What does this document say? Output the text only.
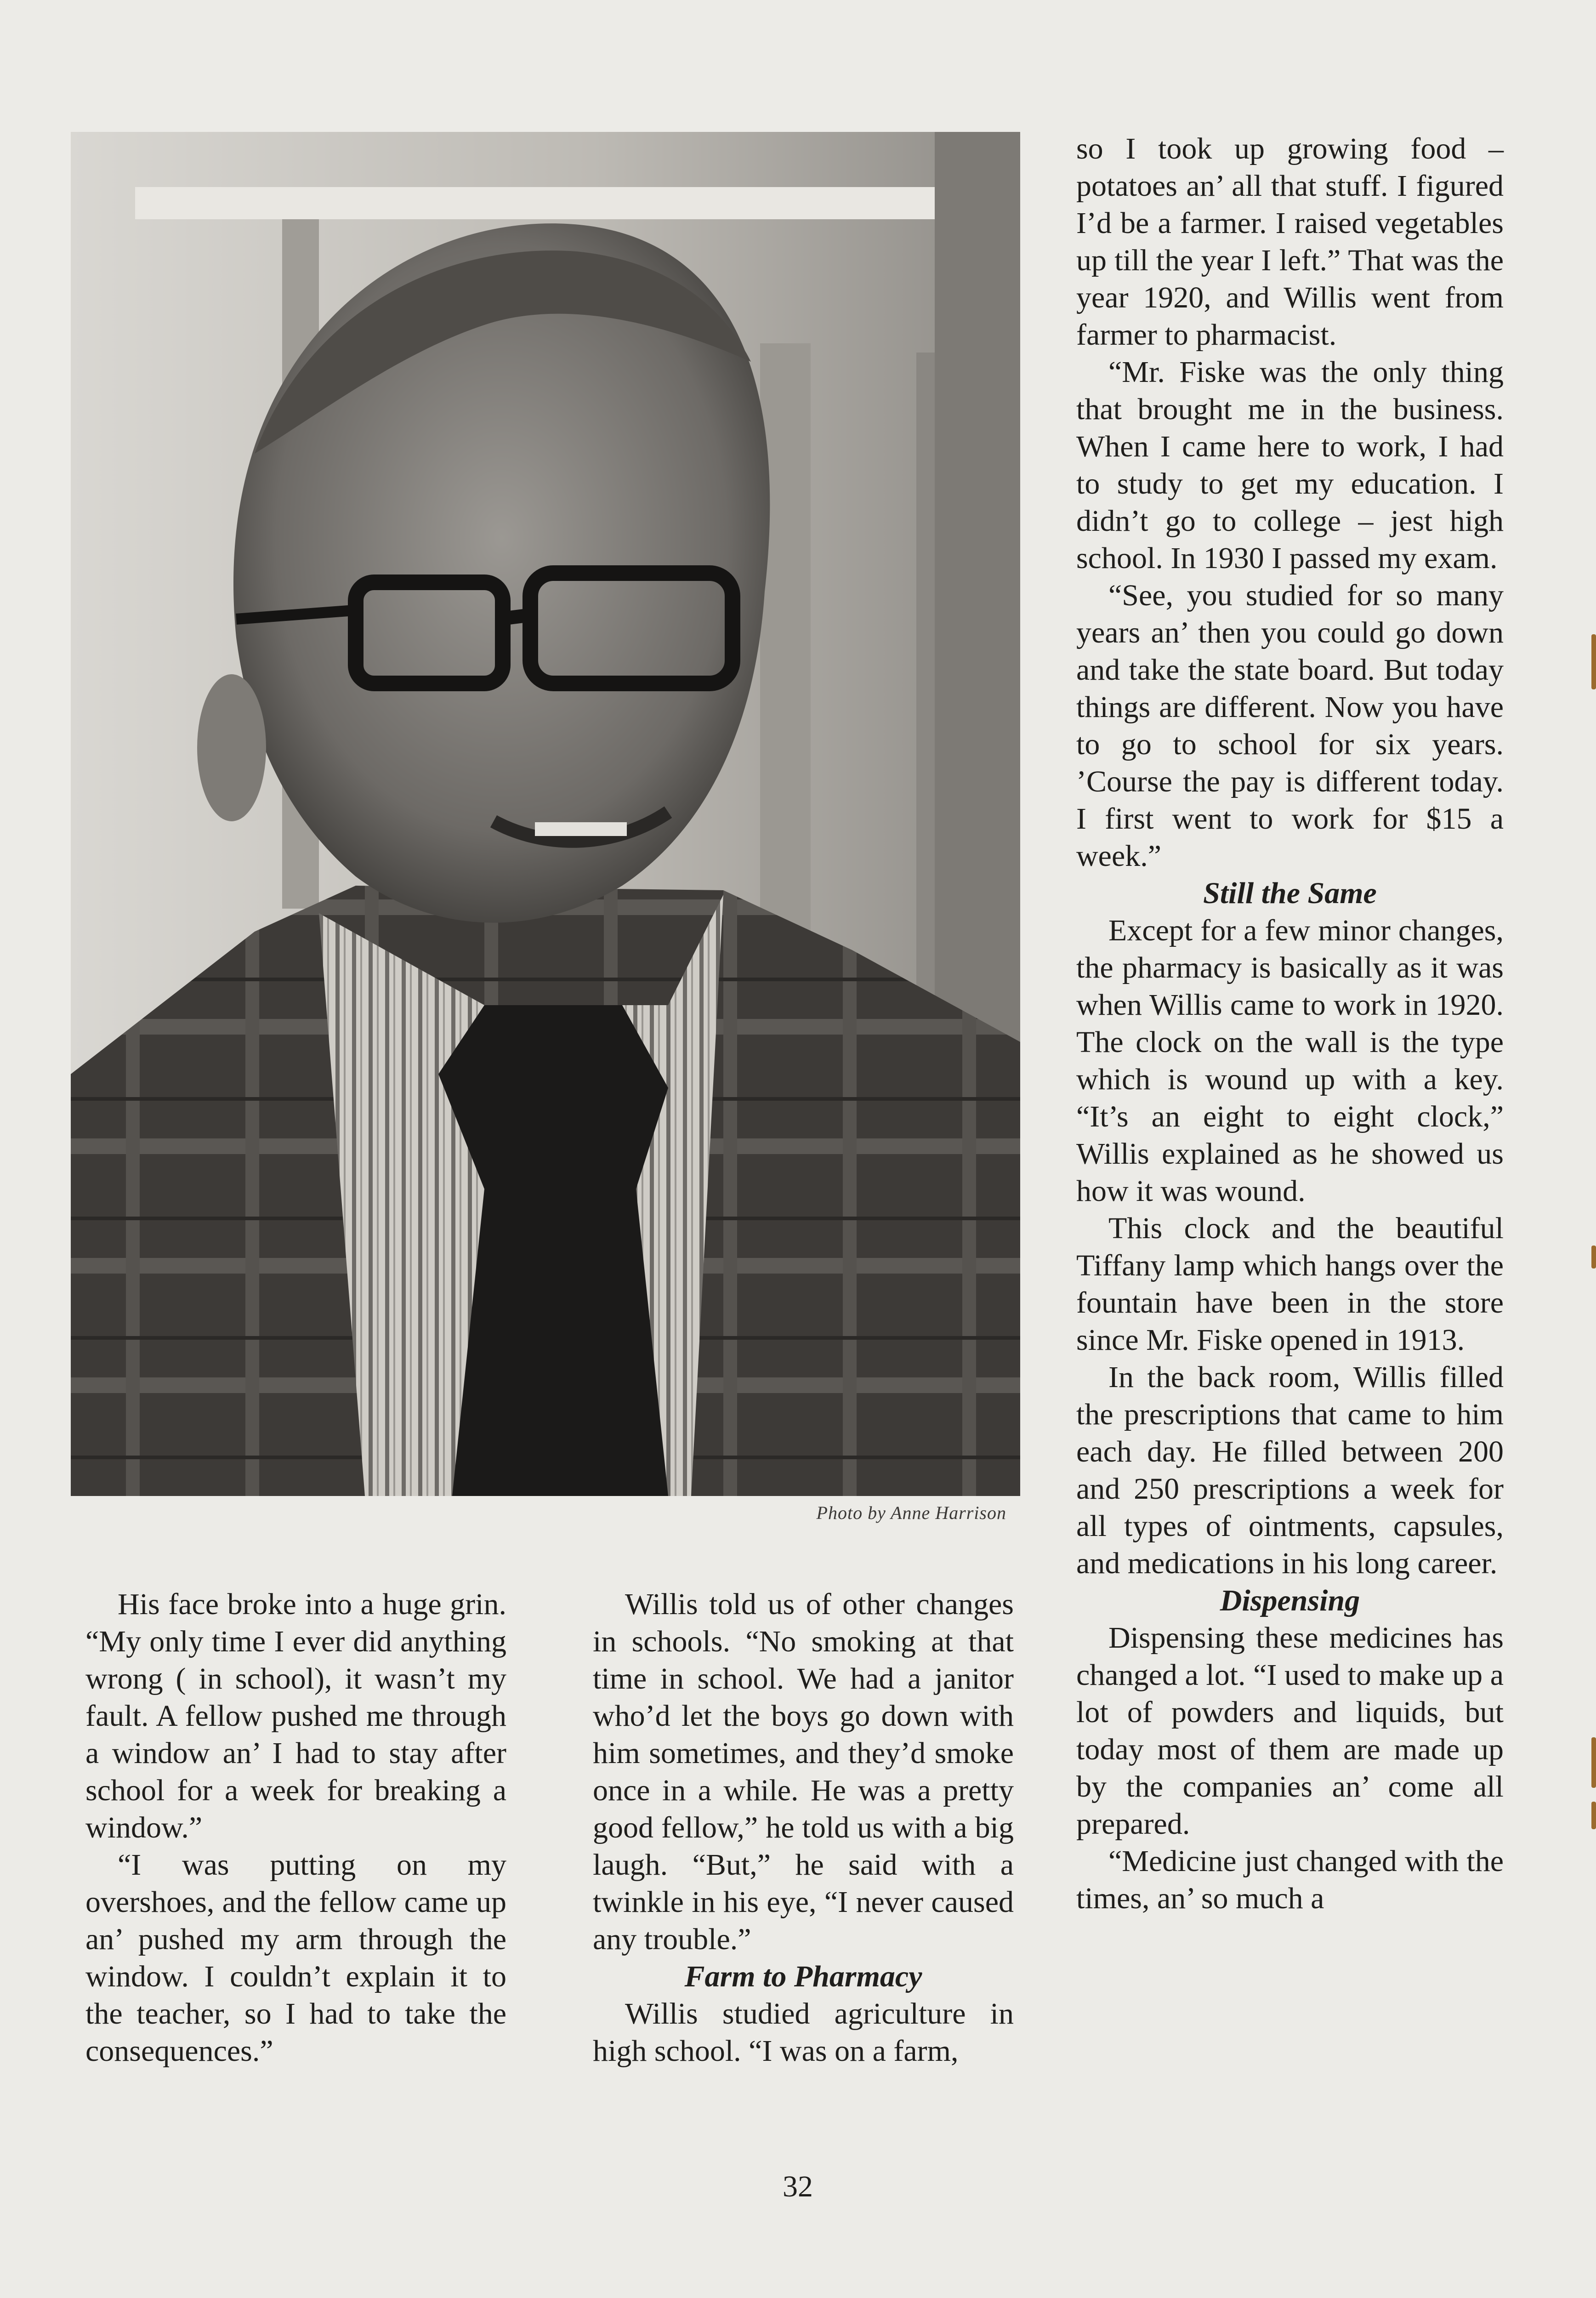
Photo by Anne Harrison

His face broke into a huge grin. “My only time I ever did anything wrong ( in school), it wasn’t my fault. A fellow pushed me through a window an’ I had to stay after school for a week for breaking a window.”

“I was putting on my overshoes, and the fellow came up an’ pushed my arm through the window. I couldn’t explain it to the teacher, so I had to take the consequences.”

Willis told us of other changes in schools. “No smoking at that time in school. We had a janitor who’d let the boys go down with him sometimes, and they’d smoke once in a while. He was a pretty good fellow,” he told us with a big laugh. “But,” he said with a twinkle in his eye, “I never caused any trouble.”

Farm to Pharmacy

Willis studied agriculture in high school. “I was on a farm,

so I took up growing food – potatoes an’ all that stuff. I figured I’d be a farmer. I raised vegetables up till the year I left.” That was the year 1920, and Willis went from farmer to pharmacist.

“Mr. Fiske was the only thing that brought me in the business. When I came here to work, I had to study to get my education. I didn’t go to college – jest high school. In 1930 I passed my exam.

“See, you studied for so many years an’ then you could go down and take the state board. But today things are different. Now you have to go to school for six years. ’Course the pay is different today. I first went to work for $15 a week.”

Still the Same

Except for a few minor changes, the pharmacy is basically as it was when Willis came to work in 1920. The clock on the wall is the type which is wound up with a key. “It’s an eight to eight clock,” Willis explained as he showed us how it was wound.

This clock and the beautiful Tiffany lamp which hangs over the fountain have been in the store since Mr. Fiske opened in 1913.

In the back room, Willis filled the prescriptions that came to him each day. He filled between 200 and 250 prescriptions a week for all types of ointments, capsules, and medications in his long career.

Dispensing

Dispensing these medicines has changed a lot. “I used to make up a lot of powders and liquids, but today most of them are made up by the companies an’ come all prepared.

“Medicine just changed with the times, an’ so much a

32
